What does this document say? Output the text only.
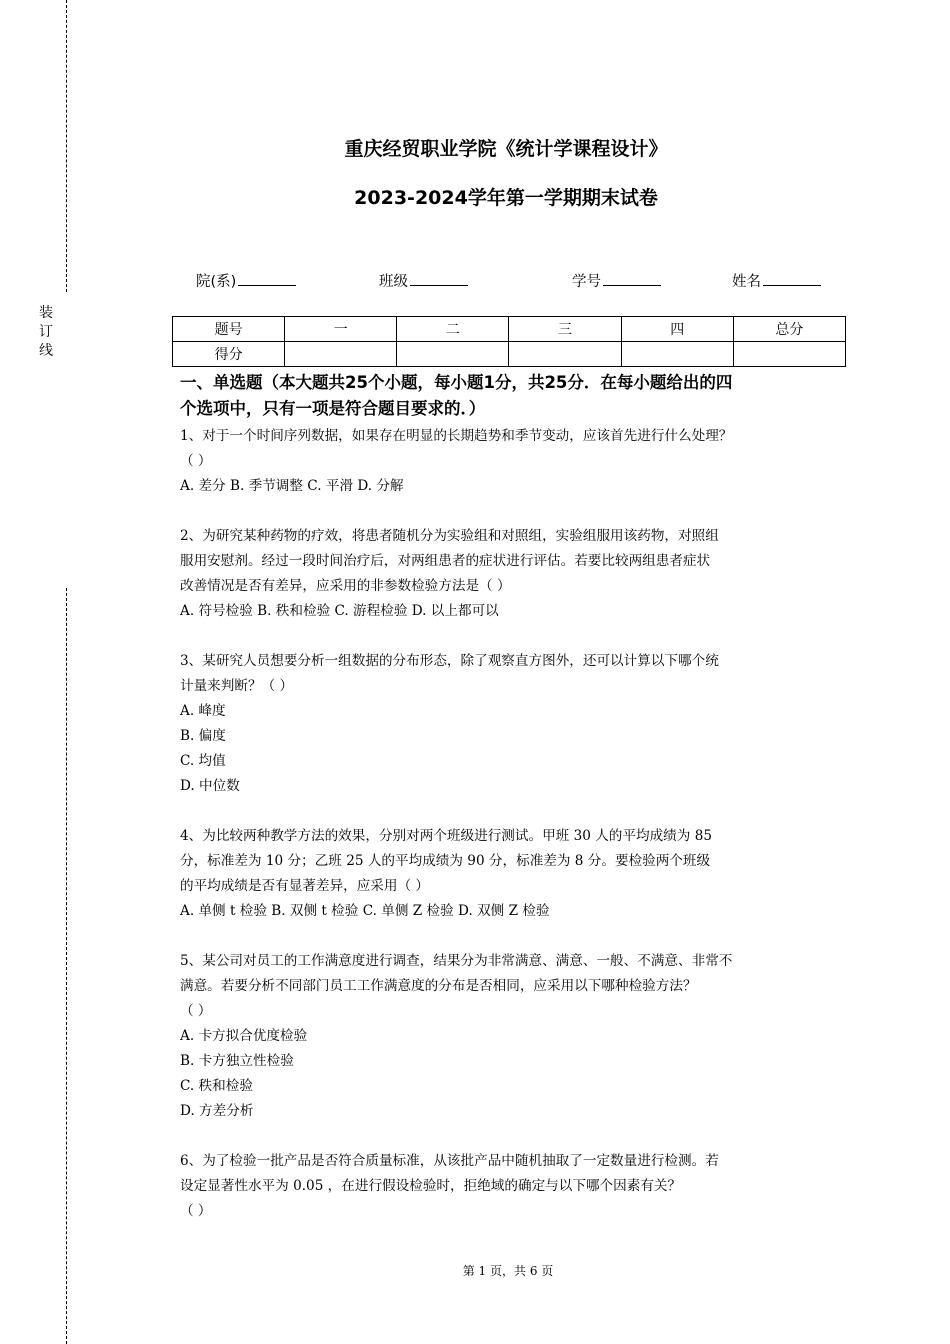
装
订
线
重庆经贸职业学院《统计学课程设计》
2023-2024学年第一学期期末试卷
院(系)	班级	学号	姓名
题号	一	二	三	四	总分
得分					
一、单选题（本大题共25个小题，每小题1分，共25分．在每小题给出的四
个选项中，只有一项是符合题目要求的．）
1、对于一个时间序列数据，如果存在明显的长期趋势和季节变动，应该首先进行什么处理？
（ ）
A. 差分 B. 季节调整 C. 平滑 D. 分解
2、为研究某种药物的疗效，将患者随机分为实验组和对照组，实验组服用该药物，对照组
服用安慰剂。经过一段时间治疗后，对两组患者的症状进行评估。若要比较两组患者症状
改善情况是否有差异，应采用的非参数检验方法是（ ）
A. 符号检验 B. 秩和检验 C. 游程检验 D. 以上都可以
3、某研究人员想要分析一组数据的分布形态，除了观察直方图外，还可以计算以下哪个统
计量来判断？（ ）
A. 峰度
B. 偏度
C. 均值
D. 中位数
4、为比较两种教学方法的效果，分别对两个班级进行测试。甲班 30 人的平均成绩为 85
分，标准差为 10 分；乙班 25 人的平均成绩为 90 分，标准差为 8 分。要检验两个班级
的平均成绩是否有显著差异，应采用（ ）
A. 单侧 t 检验 B. 双侧 t 检验 C. 单侧 Z 检验 D. 双侧 Z 检验
5、某公司对员工的工作满意度进行调查，结果分为非常满意、满意、一般、不满意、非常不
满意。若要分析不同部门员工工作满意度的分布是否相同，应采用以下哪种检验方法？
（ ）
A. 卡方拟合优度检验
B. 卡方独立性检验
C. 秩和检验
D. 方差分析
6、为了检验一批产品是否符合质量标准，从该批产品中随机抽取了一定数量进行检测。若
设定显著性水平为 0.05 ，在进行假设检验时，拒绝域的确定与以下哪个因素有关？
（ ）
第 1 页，共 6 页
